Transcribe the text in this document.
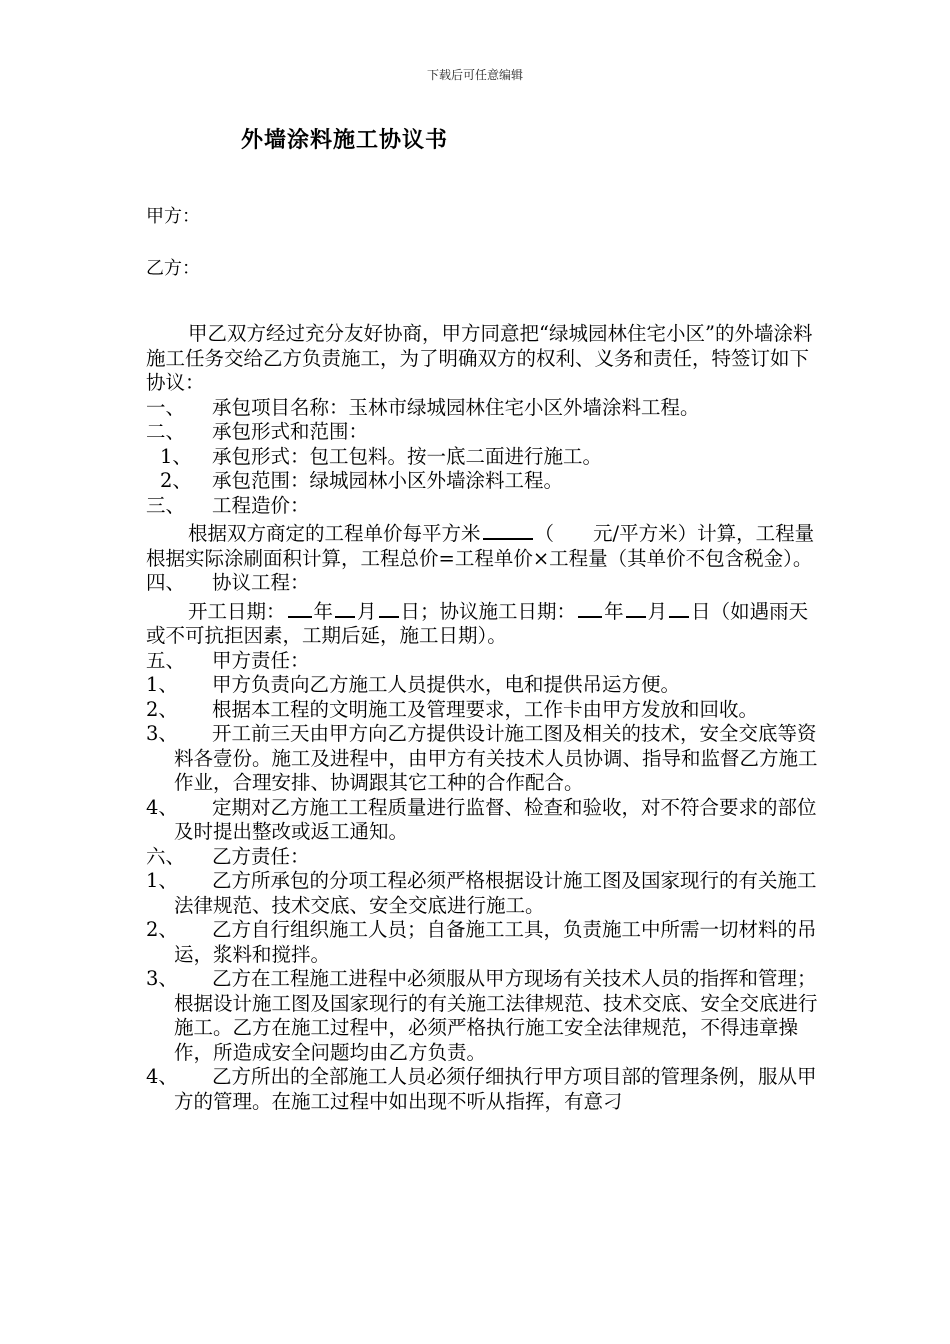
下载后可任意编辑
外墙涂料施工协议书
甲方：
乙方：

甲乙双方经过充分友好协商，甲方同意把“绿城园林住宅小区”的外墙涂料施工任务交给乙方负责施工，为了明确双方的权利、义务和责任，特签订如下协议：

一、	承包项目名称：玉林市绿城园林住宅小区外墙涂料工程。
二、	承包形式和范围：
1、	承包形式：包工包料。按一底二面进行施工。
2、	承包范围：绿城园林小区外墙涂料工程。
三、	工程造价：

根据双方商定的工程单价每平方米	（　　元/平方米）计算，工程量根据实际涂刷面积计算，工程总价=工程单价×工程量（其单价不包含税金）。

四、	协议工程：

开工日期： 年 月 日；协议施工日期： 年 月 日（如遇雨天或不可抗拒因素，工期后延，施工日期）。

五、	甲方责任：
1、	甲方负责向乙方施工人员提供水，电和提供吊运方便。
2、	根据本工程的文明施工及管理要求，工作卡由甲方发放和回收。
3、	开工前三天由甲方向乙方提供设计施工图及相关的技术，安全交底等资料各壹份。施工及进程中，由甲方有关技术人员协调、指导和监督乙方施工作业，合理安排、协调跟其它工种的合作配合。
4、	定期对乙方施工工程质量进行监督、检查和验收，对不符合要求的部位及时提出整改或返工通知。
六、	乙方责任：
1、	乙方所承包的分项工程必须严格根据设计施工图及国家现行的有关施工法律规范、技术交底、安全交底进行施工。
2、	乙方自行组织施工人员；自备施工工具，负责施工中所需一切材料的吊运，浆料和搅拌。
3、	乙方在工程施工进程中必须服从甲方现场有关技术人员的指挥和管理；根据设计施工图及国家现行的有关施工法律规范、技术交底、安全交底进行施工。乙方在施工过程中，必须严格执行施工安全法律规范，不得违章操作，所造成安全问题均由乙方负责。
4、	乙方所出的全部施工人员必须仔细执行甲方项目部的管理条例，服从甲方的管理。在施工过程中如出现不听从指挥，有意刁
